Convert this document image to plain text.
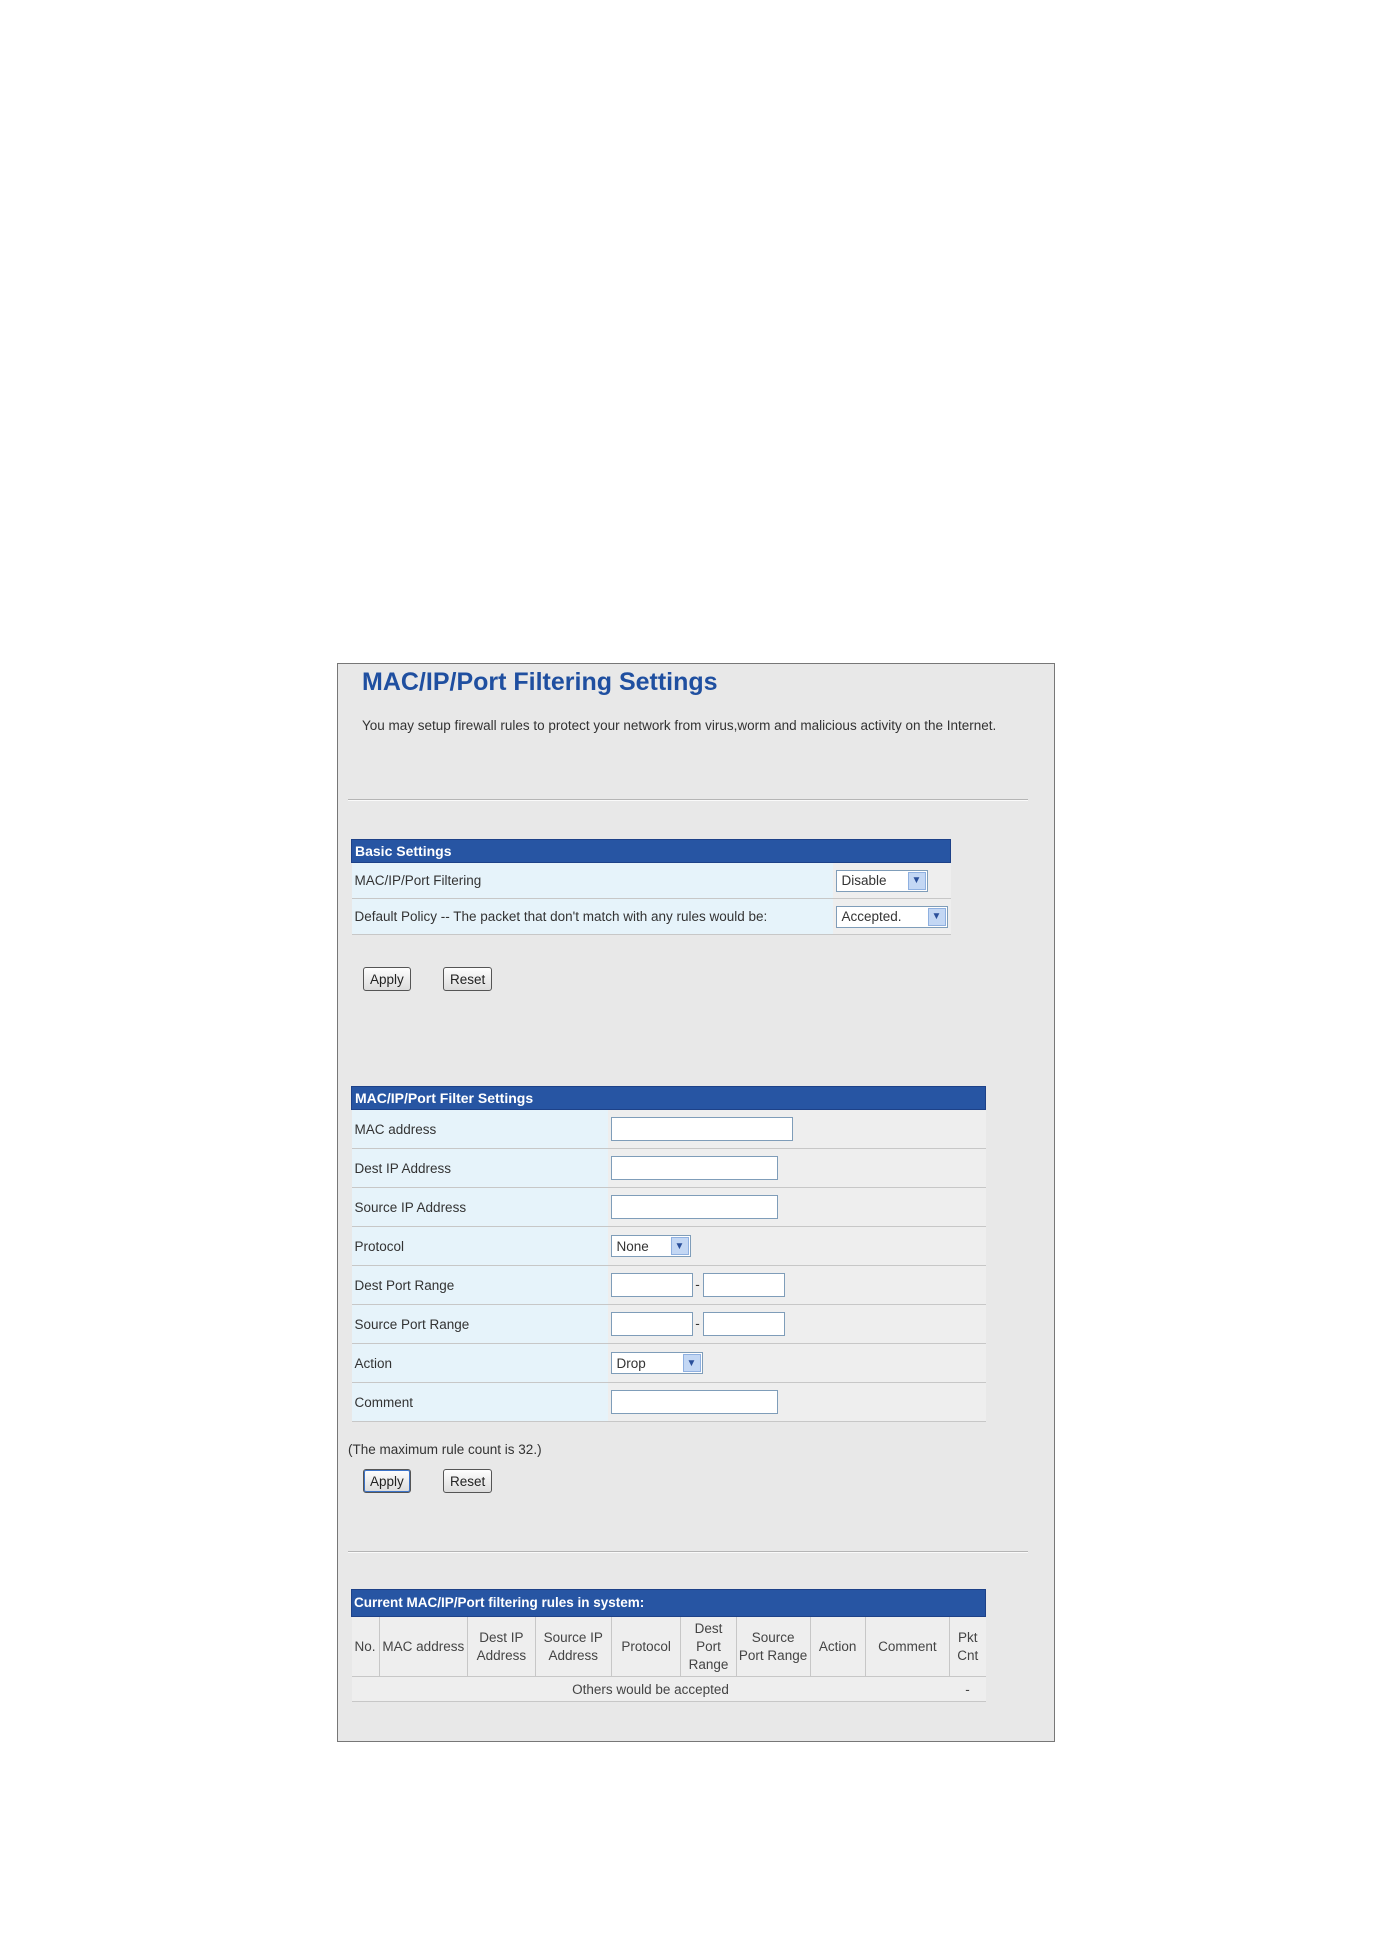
MAC/IP/Port Filtering Settings

You may setup firewall rules to protect your network from virus,worm and malicious activity on the Internet.

Basic Settings	
MAC/IP/Port Filtering	Disable ▼

Default Policy -- The packet that don't match with any rules would be:	Accepted. ▼
Apply	Reset
MAC/IP/Port Filter Settings	
MAC address	
Dest IP Address	
Source IP Address	
Protocol	None ▼

Dest Port Range	-
Source Port Range	-
Action	Drop ▼

Comment	

(The maximum rule count is 32.)

Apply	Reset
Current MAC/IP/Port filtering rules in system:									
No.	MAC address	Dest IP Address	Source IP Address	Protocol	Dest Port Range	Source Port Range	Action	Comment	Pkt Cnt
Others would be accepted									-
